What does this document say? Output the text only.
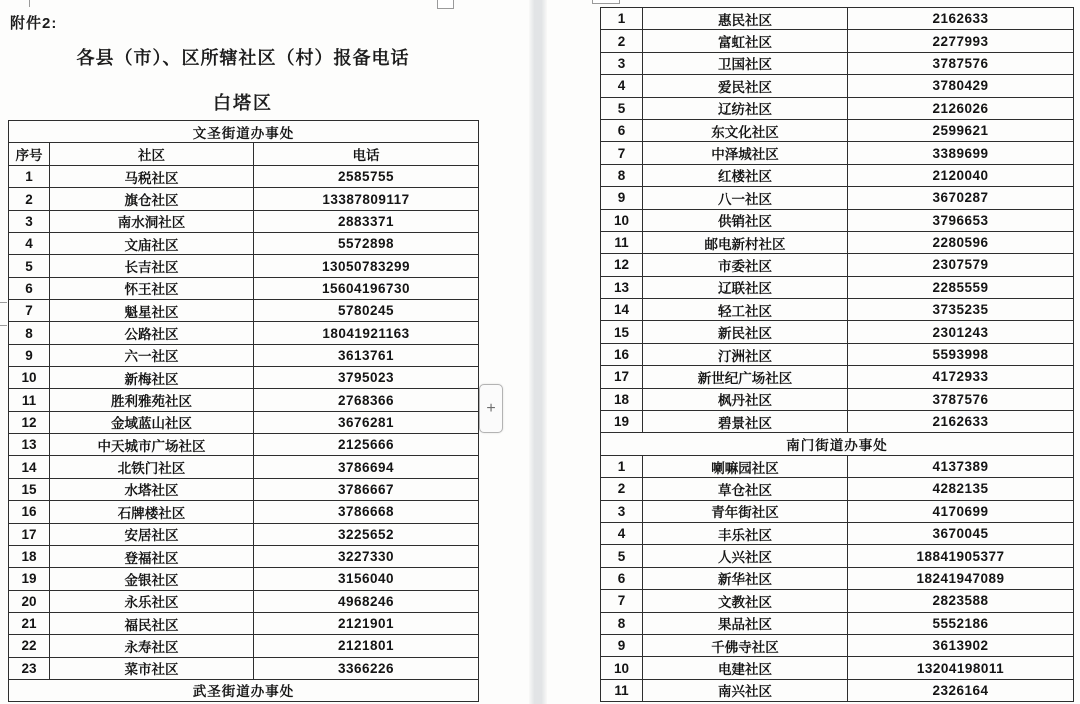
附件2:
各县（市）、区所辖社区（村）报备电话
白塔区
文圣街道办事处		
序号	社区	电话
1	马税社区	2585755
2	旗仓社区	13387809117
3	南水洞社区	2883371
4	文庙社区	5572898
5	长吉社区	13050783299
6	怀王社区	15604196730
7	魁星社区	5780245
8	公路社区	18041921163
9	六一社区	3613761
10	新梅社区	3795023
11	胜利雅苑社区	2768366
12	金域蓝山社区	3676281
13	中天城市广场社区	2125666
14	北铁门社区	3786694
15	水塔社区	3786667
16	石牌楼社区	3786668
17	安居社区	3225652
18	登福社区	3227330
19	金银社区	3156040
20	永乐社区	4968246
21	福民社区	2121901
22	永寿社区	2121801
23	菜市社区	3366226
武圣街道办事处		
+
1	惠民社区	2162633
2	富虹社区	2277993
3	卫国社区	3787576
4	爱民社区	3780429
5	辽纺社区	2126026
6	东文化社区	2599621
7	中泽城社区	3389699
8	红楼社区	2120040
9	八一社区	3670287
10	供销社区	3796653
11	邮电新村社区	2280596
12	市委社区	2307579
13	辽联社区	2285559
14	轻工社区	3735235
15	新民社区	2301243
16	汀洲社区	5593998
17	新世纪广场社区	4172933
18	枫丹社区	3787576
19	碧景社区	2162633
南门街道办事处		
1	喇嘛园社区	4137389
2	草仓社区	4282135
3	青年街社区	4170699
4	丰乐社区	3670045
5	人兴社区	18841905377
6	新华社区	18241947089
7	文教社区	2823588
8	果品社区	5552186
9	千佛寺社区	3613902
10	电建社区	13204198011
11	南兴社区	2326164
